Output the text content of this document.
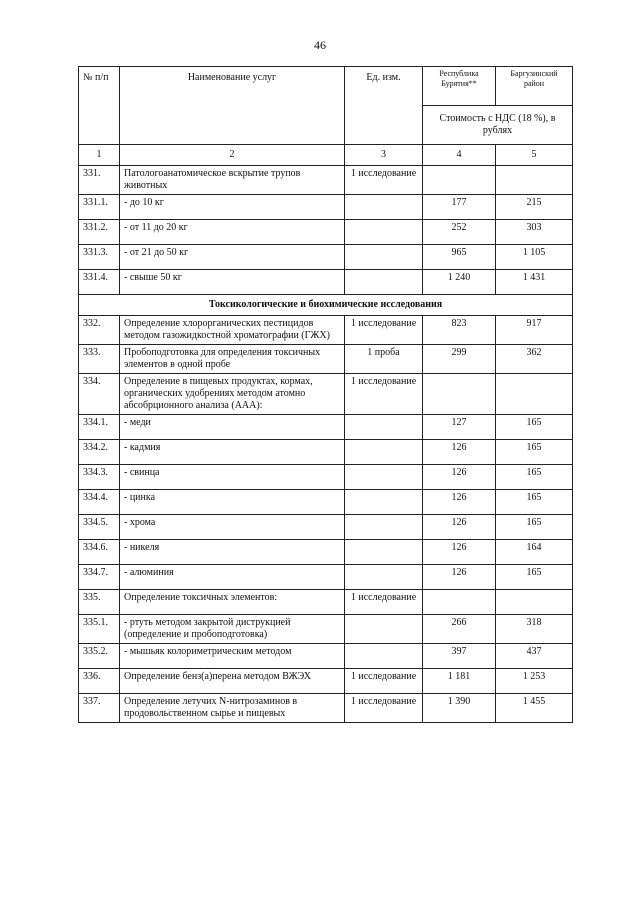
46
№ п/п	Наименование услуг	Ед. изм.	Республика Бурятия**	Баргузинский район
			Стоимость с НДС (18 %), в рублях	
1	2	3	4	5
331.	Патологоанатомическое вскрытие трупов животных	1 исследование		
331.1.	- до 10 кг		177	215
331.2.	- от 11 до 20 кг		252	303
331.3.	- от 21 до 50 кг		965	1 105
331.4.	- свыше 50 кг		1 240	1 431
Токсикологические и биохимические исследования				
332.	Определение хлорорганических пестицидов методом газожидкостной хроматографии (ГЖХ)	1 исследование	823	917
333.	Пробоподготовка для определения токсичных элементов в одной пробе	1 проба	299	362
334.	Определение в пищевых продуктах, кормах, органических удобрениях методом атомно абсобрционного анализа (ААА):	1 исследование		
334.1.	- меди		127	165
334.2.	- кадмия		126	165
334.3.	- свинца		126	165
334.4.	- цинка		126	165
334.5.	- хрома		126	165
334.6.	- никеля		126	164
334.7.	- алюминия		126	165
335.	Определение токсичных элементов:	1 исследование		
335.1.	- ртуть методом закрытой диструкцией (определение и пробоподготовка)		266	318
335.2.	- мышьяк колориметрическим методом		397	437
336.	Определение бенз(а)перена методом ВЖЭХ	1 исследование	1 181	1 253
337.	Определение летучих N-нитрозаминов в продовольственном сырье и пищевых	1 исследование	1 390	1 455
